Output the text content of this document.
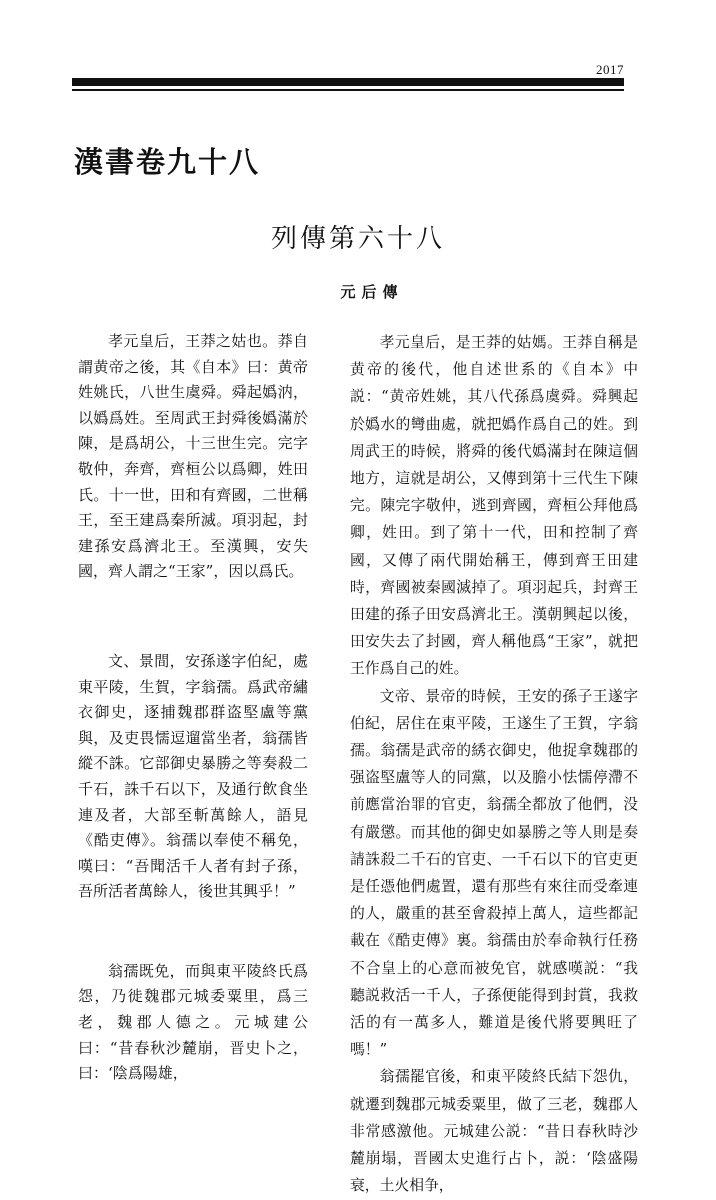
2017
漢書卷九十八
列傳第六十八
元后傳

孝元皇后，王莽之姑也。莽自謂黄帝之後，其《自本》曰：黄帝姓姚氏，八世生虞舜。舜起嬀汭，以嬀爲姓。至周武王封舜後嬀滿於陳，是爲胡公，十三世生完。完字敬仲，奔齊，齊桓公以爲卿，姓田氏。十一世，田和有齊國，二世稱王，至王建爲秦所滅。項羽起，封建孫安爲濟北王。至漢興，安失國，齊人謂之“王家”，因以爲氏。

文、景間，安孫遂字伯紀，處東平陵，生賀，字翁孺。爲武帝繡衣御史，逐捕魏郡群盗堅盧等黨與，及吏畏懦逗遛當坐者，翁孺皆縱不誅。它部御史暴勝之等奏殺二千石，誅千石以下，及通行飲食坐連及者，大部至斬萬餘人，語見《酷吏傳》。翁孺以奉使不稱免，嘆曰：“吾聞活千人者有封子孫，吾所活者萬餘人，後世其興乎！”

翁孺既免，而與東平陵終氏爲怨，乃徙魏郡元城委粟里，爲三老，魏郡人德之。元城建公曰：“昔春秋沙麓崩，晋史卜之，曰：‘陰爲陽雄，

孝元皇后，是王莽的姑媽。王莽自稱是黄帝的後代，他自述世系的《自本》中説：“黄帝姓姚，其八代孫爲虞舜。舜興起於嬀水的彎曲處，就把嬀作爲自己的姓。到周武王的時候，將舜的後代嬀滿封在陳這個地方，這就是胡公，又傳到第十三代生下陳完。陳完字敬仲，逃到齊國，齊桓公拜他爲卿，姓田。到了第十一代，田和控制了齊國，又傳了兩代開始稱王，傳到齊王田建時，齊國被秦國滅掉了。項羽起兵，封齊王田建的孫子田安爲濟北王。漢朝興起以後，田安失去了封國，齊人稱他爲“王家”，就把王作爲自己的姓。

文帝、景帝的時候，王安的孫子王遂字伯紀，居住在東平陵，王遂生了王賀，字翁孺。翁孺是武帝的綉衣御史，他捉拿魏郡的强盗堅盧等人的同黨，以及膽小怯懦停滯不前應當治罪的官吏，翁孺全都放了他們，没有嚴懲。而其他的御史如暴勝之等人則是奏請誅殺二千石的官吏、一千石以下的官吏更是任憑他們處置，還有那些有來往而受牽連的人，嚴重的甚至會殺掉上萬人，這些都記載在《酷吏傳》裏。翁孺由於奉命執行任務不合皇上的心意而被免官，就感嘆説：“我聽説救活一千人，子孫便能得到封賞，我救活的有一萬多人，難道是後代將要興旺了嗎！”

翁孺罷官後，和東平陵終氏結下怨仇，就遷到魏郡元城委粟里，做了三老，魏郡人非常感激他。元城建公説：“昔日春秋時沙麓崩塌，晋國太史進行占卜，説：‘陰盛陽衰，土火相争，
